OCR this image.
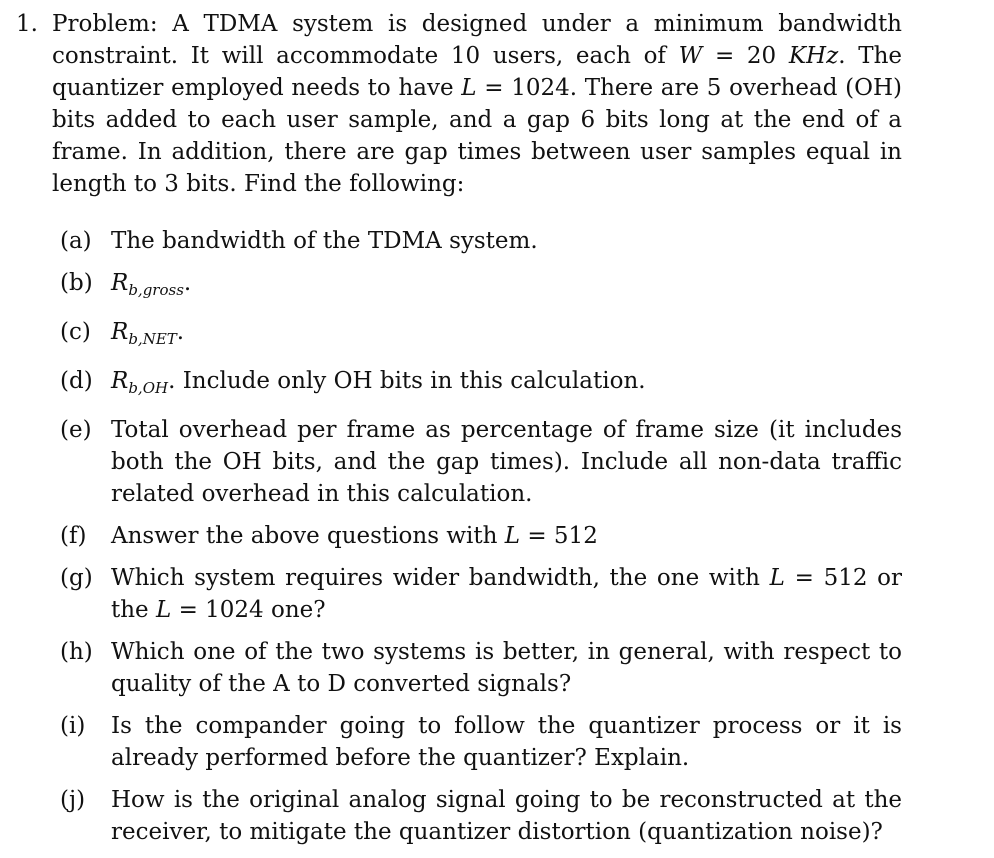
1. Problem: A TDMA system is designed under a minimum bandwidth constraint. It will accommodate 10 users, each of W = 20 KHz. The quantizer employed needs to have L = 1024. There are 5 overhead (OH) bits added to each user sample, and a gap 6 bits long at the end of a frame. In addition, there are gap times between user samples equal in length to 3 bits. Find the following:
(a) The bandwidth of the TDMA system.
(b) $R_{b,gross}$.
(c) $R_{b,NET}$.
(d) $R_{b,OH}$. Include only OH bits in this calculation.
(e) Total overhead per frame as percentage of frame size (it includes both the OH bits, and the gap times). Include all non-data traffic related overhead in this calculation.
(f) Answer the above questions with L = 512
(g) Which system requires wider bandwidth, the one with L = 512 or the L = 1024 one?
(h) Which one of the two systems is better, in general, with respect to quality of the A to D converted signals?
(i) Is the compander going to follow the quantizer process or it is already performed before the quantizer? Explain.
(j) How is the original analog signal going to be reconstructed at the receiver, to mitigate the quantizer distortion (quantization noise)?
